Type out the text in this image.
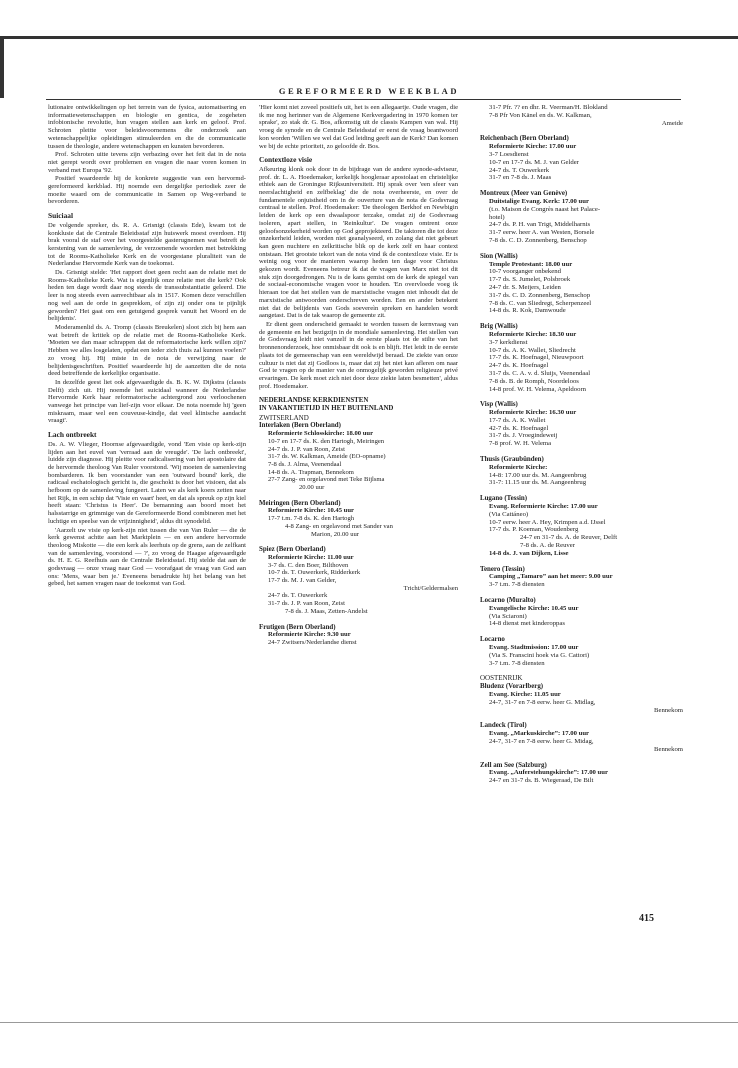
GEREFORMEERD WEEKBLAD

lutionaire ontwikkelingen op het terrein van de fysica, automatisering en informatiewetenschappen en biologie en gentica, de zogeheten infobionische revolutie, hun vragen stellen aan kerk en geloof. Prof. Schroten pleitte voor beleidsvoornemens die onderzoek aan wetenschappelijke opleidingen stimuleerden en die de communicatie tussen de theologie, andere wetenschappen en kunsten bevorderen.

Prof. Schroten uitte tevens zijn verbazing over het feit dat in de nota niet gerept wordt over problemen en vragen die naar voren komen in verband met Europa '92.

Positief waardeerde hij de konkrete suggestie van een hervormd-gereformeerd kerkblad. Hij noemde een dergelijke periodiek zeer de moeite waard om de communicatie in Samen op Weg-verband te bevorderen.

Suiciaal

De volgende spreker, ds. R. A. Grisnigt (classis Ede), kwam tot de konklusie dat de Centrale Beleidsstaf zijn huiswerk moest overdoen. Hij brak vooral de staf over het voorgestelde gasterugnemen wat betreft de kerstening van de samenleving, de verzoenende woorden met betrekking tot de Rooms-Katholieke Kerk en de voorgestane pluraliteit van de Nederlandse Hervormde Kerk van de toekomst.

Ds. Grisnigt stelde: 'Het rapport doet geen recht aan de relatie met de Rooms-Katholieke Kerk. Wat is eigenlijk onze relatie met die kerk? Ook heden ten dage wordt daar nog steeds de transsubstantiatie geleerd. Die leer is nog steeds even aanvechtbaar als in 1517. Komen deze verschillen nog wel aan de orde in gesprekken, of zijn zij onder ons te pijnlijk geworden? Het gaat om een getuigend gesprek vanuit het Woord en de belijdenis'.

Moderamenlid ds. A. Tromp (classis Breukelen) sloot zich bij hem aan wat betreft de kritiek op de relatie met de Rooms-Katholieke Kerk. 'Moeten we dan maar schrappen dat de reformatorische kerk willen zijn? Hebben we alles losgelaten, opdat een ieder zich thuis zal kunnen voelen?' zo vroeg hij. Hij miste in de nota de verwijzing naar de belijdenisgeschriften. Positief waardeerde hij de aanzetten die de nota deed betreffende de kerkelijke organisatie.

In dezelfde geest liet ook afgevaardigde ds. B. K. W. Dijkstra (classis Delft) zich uit. Hij noemde het suicidaal wanneer de Nederlandse Hervormde Kerk haar reformatorische achtergrond zou verloochenen vanwege het principe van lief-zijn voor elkaar. De nota noemde hij 'geen miskraam, maar wel een couveuse-kindje, dat veel klinische aandacht vraagt'.

Lach ontbreekt

Ds. A. W. Vlieger, Hoornse afgevaardigde, vond 'Een visie op kerk-zijn lijden aan het euvel van 'verraad aan de vreugde'. 'De lach ontbreekt', luidde zijn diagnose. Hij pleitte voor radicalisering van het apostolaire dat de hervormde theoloog Van Ruler voorstond. 'Wij moeten de samenleving bombarderen. Ik ben voorstander van een 'outward bound' kerk, die radicaal eschatologisch gericht is, die geschokt is door het visioen, dat als hefboom op de samenleving fungeert. Laten we als kerk koers zetten naar het Rijk, in een schip dat 'Visie en vaart' heet, en dat als spreuk op zijn kiel heeft staan: 'Christus is Heer'. De bemanning aan boord moet het halsstarrige en grimmige van de Gereformeerde Bond combineren met het luchtige en speelse van de vrijzinnigheid', aldus dit synodelid.

'Aarzelt uw visie op kerk-zijn niet tussen die van Van Ruler — die de kerk gewenst achtte aan het Marktplein — en een andere hervormde theoloog Miskotte — die een kerk als leerhuis op de grens, aan de zelfkant van de samenleving, voorstond — ?', zo vroeg de Haagse afgevaardigde ds. H. E. G. Reefhuis aan de Centrale Beleidsstaf. Hij stelde dat aan de godsvraag — onze vraag naar God — voorafgaat de vraag van God aan ons: 'Mens, waar ben je.' Eveneens benadrukte hij het belang van het gebed, het samen vragen naar de toekomst van God.

'Hier komt niet zoveel positiefs uit, het is een allegaartje. Oude vragen, die ik me nog herinner van de Algemene Kerkvergadering in 1970 komen ter sprake', zo stak dr. G. Bos, afkomstig uit de classis Kampen van wal. Hij vroeg de synode en de Centrale Beleidsstaf er eerst de vraag beantwoord kon worden 'Willen we wel dat God leiding geeft aan de Kerk? Dan komen we bij de echte prioriteit, zo geloofde dr. Bos.

Contextloze visie

Afkeuring klonk ook door in de bijdrage van de andere synode-adviseur, prof. dr. L. A. Hoedemaker, kerkelijk hoogleraar apostolaat en christelijke ethiek aan de Groningse Rijksuniversiteit. Hij sprak over 'een sfeer van neerslachtigheid en zelfbeklag' die de nota overheerste, en over de fundamentele onjuistheid om in de ouverture van de nota de Godsvraag centraal te stellen. Prof. Hoedemaker: 'De theologen Berkhof en Newbigin leiden de kerk op een dwaalspoor terzake, omdat zij de Godsvraag isoleren, apart stellen, in 'Reinkultur'. De vragen omtrent onze geloofsonzekerheid worden op God geprojekteerd. De taktoren die tot deze onzekerheid leiden, worden niet geanalyseerd, en zolang dat niet gebeurt kan geen nuchtere en zelkritische blik op de kerk zelf en haar context ontstaan. Het grootste tekort van de nota vind ik de contextloze visie. Er is weinig oog voor de manieren waarop heden ten dage voor Christus gekozen wordt. Eveneens betreur ik dat de vragen van Marx niet tot dit stuk zijn doorgedrongen. Nu is de kans gemist om de kerk de spiegel van de sociaal-economische vragen voor te houden. 'En overvloede voeg ik hieraan toe dat het stellen van de marxistische vragen niet inhoudt dat de marxistische antwoorden onderschreven worden. Een en ander betekent niet dat de belijdenis van Gods soevereìn spreken en handelen wordt aangetast. Dat is de tak waarop de gemeente zit.

Er dient geen onderscheid gemaakt te worden tussen de kernvraag van de gemeente en het bezigzijn in de mondiale samenleving. Het stellen van de Godsvraag leidt niet vanzelf in de eerste plaats tot de stilte van het bronnenonderzoek, hoe onmisbaar dit ook is en blijft. Het leidt in de eerste plaats tot de gemeenschap van een wereldwijd beraad. De ziekte van onze cultuur is niet dat zij Godloos is, maar dat zij het niet kan afleren om naar God te vragen op de manier van de onmogelijk geworden religieuze privé ervaringen. De kerk moet zich niet door deze ziekte laten besmetten', aldus prof. Hoedemaker.

NEDERLANDSE KERKDIENSTEN
IN VAKANTIETIJD IN HET BUITENLAND
ZWITSERLAND
Interlaken (Bern Oberland)
Reformierte Schlosskirche: 18.00 uur
10-7 en 17-7 ds. K. den Hartogh, Meiringen
24-7 ds. J. P. van Roon, Zeist
31-7 ds. W. Kalkman, Ameide (EO-opname)
7-8 ds. J. Alma, Veenendaal
14-8 ds. A. Trapman, Bennekom
27-7 Zang- en orgelavond met Teke Bijlsma
20.00 uur
Meiringen (Bern Oberland)
Reformierte Kirche: 10.45 uur
17-7 t.m. 7-8 ds. K. den Hartogh
4-8 Zang- en orgelavond met Sander van
Marion, 20.00 uur
Spiez (Bern Oberland)
Reformierte Kirche: 11.00 uur
3-7 ds. C. den Boer, Bilthoven
10-7 ds. T. Ouwerkerk, Ridderkerk
17-7 ds. M. J. van Gelder,
Tricht/Geldermalsen
24-7 ds. T. Ouwerkerk
31-7 ds. J. P. van Roon, Zeist
7-8 ds. J. Maas, Zetten-Andelst
Frutigen (Bern Oberland)
Reformierte Kirche: 9.30 uur
24-7 Zwitsers/Nederlandse dienst
31-7 Pfr. ?? en dhr. R. Veerman/H. Blokland
7-8 Pfr Von Känel en ds. W. Kalkman,
Ameide
Reichenbach (Bern Oberland)
Reformierte Kirche: 17.00 uur
3-7 Loesdienst
10-7 en 17-7 ds. M. J. van Gelder
24-7 ds. T. Ouwerkerk
31-7 en 7-8 ds. J. Maas
Montreux (Meer van Genève)
Duitstalige Evang. Kerk: 17.00 uur
(t.o. Maison de Congrès naast het Palace-
hotel)
24-7 ds. P. H. van Trigt, Middelharnis
31-7 eerw. heer A. van Westen, Borsele
7-8 ds. C. D. Zonnenberg, Benschop
Sion (Wallis)
Temple Protestant: 18.00 uur
10-7 voorganger onbekend
17-7 ds. S. Jumelet, Polsbroek
24-7 dr. S. Meijers, Leiden
31-7 ds. C. D. Zonnenberg, Benschop
7-8 ds. C. van Sliedregt, Scherpenzeel
14-8 ds. R. Kok, Damwoude
Brig (Wallis)
Reformierte Kirche: 18.30 uur
3-7 kerkdienst
10-7 ds. A. K. Wallet, Sliedrecht
17-7 ds. K. Hoefnagel, Nieuwpoort
24-7 ds. K. Hoefnagel
31-7 ds. C. A. v. d. Sluijs, Veenendaal
7-8 ds. B. de Romph, Noordeloos
14-8 prof. W. H. Velema, Apeldoorn
Visp (Wallis)
Reformierte Kirche: 16.30 uur
17-7 ds. A. K. Wallet
42-7 ds. K. Hoefnagel
31-7 ds. J. Vroegindeweij
7-8 prof. W. H. Velema
Thusis (Graubünden)
Reformierte Kirche:
14-8: 17.00 uur ds. M. Aangeenbrug
31-7: 11.15 uur ds. M. Aangeenbrug
Lugano (Tessin)
Evang. Reformierte Kirche: 17.00 uur
(Via Cattáneo)
10-7 eerw. heer A. Hey, Krimpen a.d. IJssel
17-7 ds. P. Koeman, Woudenberg
24-7 en 31-7 ds. A. de Reuver, Delft
7-8 ds. A. de Reuver
14-8 ds. J. van Dijken, Lisse
Tenero (Tessin)
Camping „Tamaro” aan het meer: 9.00 uur
3-7 t.m. 7-8 diensten
Locarno (Muralto)
Evangelische Kirche: 10.45 uur
(Via Sciaroni)
14-8 dienst met kinderoppas
Locarno
Evang. Stadtmission: 17.00 uur
(Via S. Franscini hoek via G. Cattori)
3-7 t.m. 7-8 diensten
OOSTENRIJK
Bludenz (Vorarlberg)
Evang. Kirche: 11.05 uur
24-7, 31-7 en 7-8 eerw. heer G. Midlag,
Bennekom
Landeck (Tirol)
Evang. „Markuskirche”: 17.00 uur
24-7, 31-7 en 7-8 eerw. heer G. Midag,
Bennekom
Zell am See (Salzburg)
Evang. „Auferstehungskirche”: 17.00 uur
24-7 en 31-7 ds. B. Wiegeraad, De Bilt
415
